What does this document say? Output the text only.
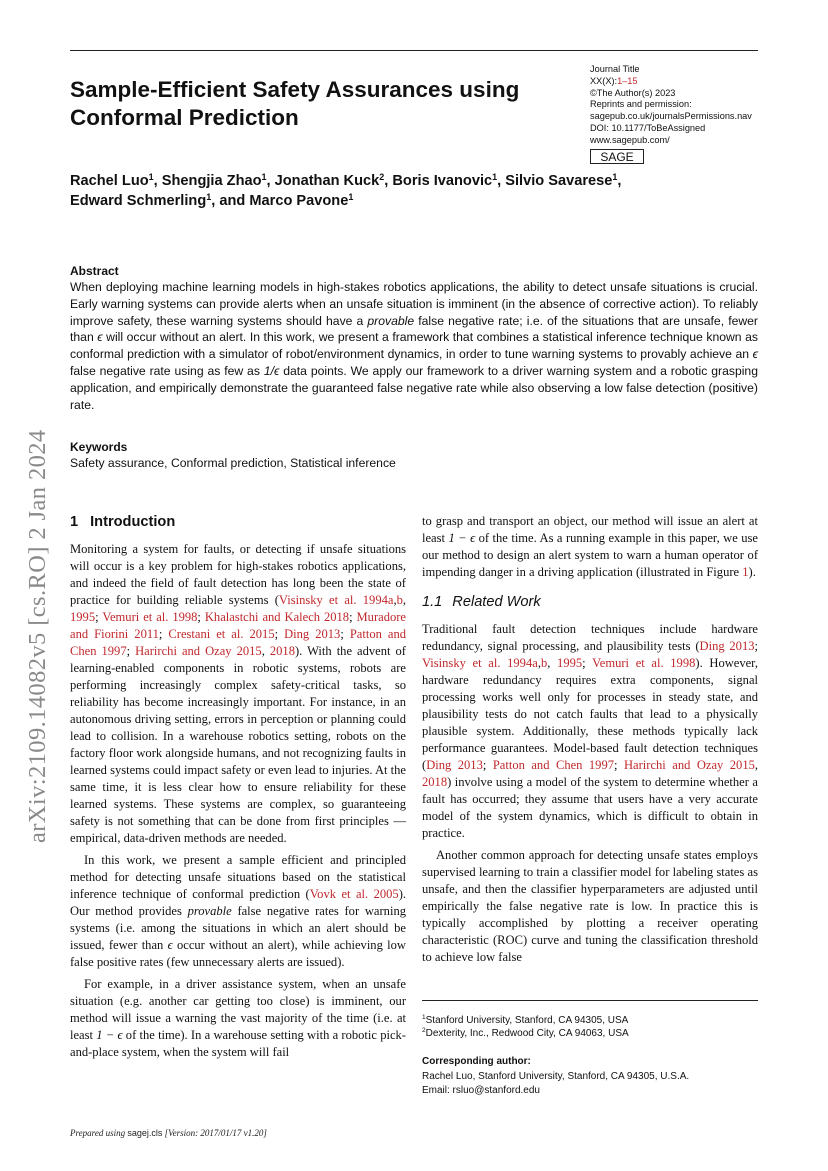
Sample-Efficient Safety Assurances using Conformal Prediction
Journal Title
XX(X):1–15
©The Author(s) 2023
Reprints and permission:
sagepub.co.uk/journalsPermissions.nav
DOI: 10.1177/ToBeAssigned
www.sagepub.com/
SAGE
Rachel Luo$^1$, Shengjia Zhao$^1$, Jonathan Kuck$^2$, Boris Ivanovic$^1$, Silvio Savarese$^1$,
Edward Schmerling$^1$, and Marco Pavone$^1$
Abstract
When deploying machine learning models in high-stakes robotics applications, the ability to detect unsafe situations is crucial. Early warning systems can provide alerts when an unsafe situation is imminent (in the absence of corrective action). To reliably improve safety, these warning systems should have a provable false negative rate; i.e. of the situations that are unsafe, fewer than ϵ will occur without an alert. In this work, we present a framework that combines a statistical inference technique known as conformal prediction with a simulator of robot/environment dynamics, in order to tune warning systems to provably achieve an ϵ false negative rate using as few as 1/ϵ data points. We apply our framework to a driver warning system and a robotic grasping application, and empirically demonstrate the guaranteed false negative rate while also observing a low false detection (positive) rate.
Keywords
Safety assurance, Conformal prediction, Statistical inference
arXiv:2109.14082v5 [cs.RO] 2 Jan 2024 1 Introduction

Monitoring a system for faults, or detecting if unsafe situations will occur is a key problem for high-stakes robotics applications, and indeed the field of fault detection has long been the state of practice for building reliable systems (Visinsky et al. 1994a,b, 1995; Vemuri et al. 1998; Khalastchi and Kalech 2018; Muradore and Fiorini 2011; Crestani et al. 2015; Ding 2013; Patton and Chen 1997; Harirchi and Ozay 2015, 2018). With the advent of learning-enabled components in robotic systems, robots are performing increasingly complex safety-critical tasks, so reliability has become increasingly important. For instance, in an autonomous driving setting, errors in perception or planning could lead to collision. In a warehouse robotics setting, robots on the factory floor work alongside humans, and not recognizing faults in learned systems could impact safety or even lead to injuries. At the same time, it is less clear how to ensure reliability for these learned systems. These systems are complex, so guaranteeing safety is not something that can be done from first principles — empirical, data-driven methods are needed.

In this work, we present a sample efficient and principled method for detecting unsafe situations based on the statistical inference technique of conformal prediction (Vovk et al. 2005). Our method provides provable false negative rates for warning systems (i.e. among the situations in which an alert should be issued, fewer than ϵ occur without an alert), while achieving low false positive rates (few unnecessary alerts are issued).

For example, in a driver assistance system, when an unsafe situation (e.g. another car getting too close) is imminent, our method will issue a warning the vast majority of the time (i.e. at least 1 − ϵ of the time). In a warehouse setting with a robotic pick-and-place system, when the system will fail

to grasp and transport an object, our method will issue an alert at least 1 − ϵ of the time. As a running example in this paper, we use our method to design an alert system to warn a human operator of impending danger in a driving application (illustrated in Figure 1).

1.1 Related Work

Traditional fault detection techniques include hardware redundancy, signal processing, and plausibility tests (Ding 2013; Visinsky et al. 1994a,b, 1995; Vemuri et al. 1998). However, hardware redundancy requires extra components, signal processing works well only for processes in steady state, and plausibility tests do not catch faults that lead to a physically plausible system. Additionally, these methods typically lack performance guarantees. Model-based fault detection techniques (Ding 2013; Patton and Chen 1997; Harirchi and Ozay 2015, 2018) involve using a model of the system to determine whether a fault has occurred; they assume that users have a very accurate model of the system dynamics, which is difficult to obtain in practice.

Another common approach for detecting unsafe states employs supervised learning to train a classifier model for labeling states as unsafe, and then the classifier hyperparameters are adjusted until empirically the false negative rate is low. In practice this is typically accomplished by plotting a receiver operating characteristic (ROC) curve and tuning the classification threshold to achieve low false

$^1$Stanford University, Stanford, CA 94305, USA
$^2$Dexterity, Inc., Redwood City, CA 94063, USA
Corresponding author:
Rachel Luo, Stanford University, Stanford, CA 94305, U.S.A.
Email: rsluo@stanford.edu
Prepared using sagej.cls [Version: 2017/01/17 v1.20]
